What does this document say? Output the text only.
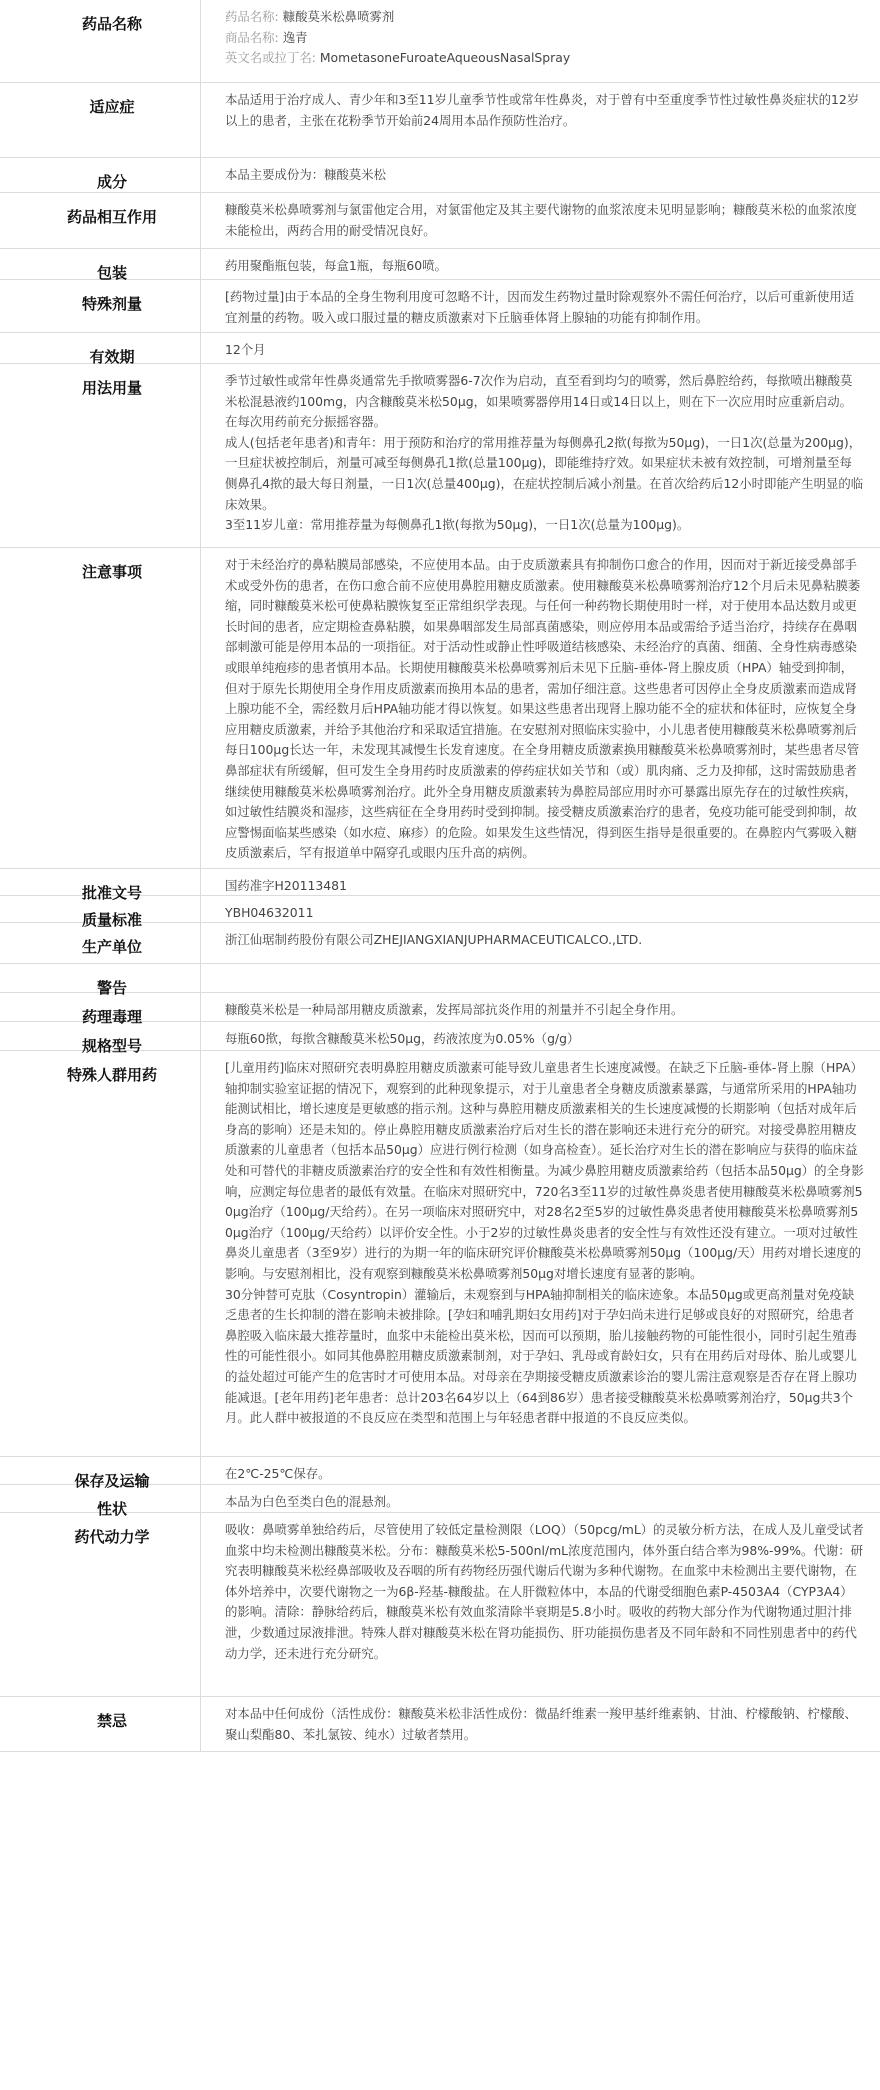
药品名称	药品名称: 糠酸莫米松鼻喷雾剂

商品名称: 逸青

英文名或拉丁名: MometasoneFuroateAqueousNasalSpray

适应症	本品适用于治疗成人、青少年和3至11岁儿童季节性或常年性鼻炎，对于曾有中至重度季节性过敏性鼻炎症状的12岁以上的患者，主张在花粉季节开始前24周用本品作预防性治疗。

成分	本品主要成份为：糠酸莫米松

药品相互作用	糠酸莫米松鼻喷雾剂与氯雷他定合用，对氯雷他定及其主要代谢物的血浆浓度未见明显影响；糠酸莫米松的血浆浓度未能检出，两药合用的耐受情况良好。

包装	药用聚酯瓶包装，每盒1瓶，每瓶60喷。

特殊剂量	[药物过量]由于本品的全身生物利用度可忽略不计，因而发生药物过量时除观察外不需任何治疗，以后可重新使用适宜剂量的药物。吸入或口服过量的糖皮质激素对下丘脑垂体肾上腺轴的功能有抑制作用。

有效期	12个月

用法用量	季节过敏性或常年性鼻炎通常先手揿喷雾器6-7次作为启动，直至看到均匀的喷雾，然后鼻腔给药，每揿喷出糠酸莫米松混悬液约100mg，内含糠酸莫米松50μg，如果喷雾器停用14日或14日以上，则在下一次应用时应重新启动。在每次用药前充分振摇容器。

成人(包括老年患者)和青年：用于预防和治疗的常用推荐量为每侧鼻孔2揿(每揿为50μg)，一日1次(总量为200μg)，一旦症状被控制后，剂量可减至每侧鼻孔1揿(总量100μg)，即能维持疗效。如果症状未被有效控制，可增剂量至每侧鼻孔4揿的最大每日剂量，一日1次(总量400μg)，在症状控制后减小剂量。在首次给药后12小时即能产生明显的临床效果。

3至11岁儿童：常用推荐量为每侧鼻孔1揿(每揿为50μg)，一日1次(总量为100μg)。

注意事项	对于未经治疗的鼻粘膜局部感染，不应使用本品。由于皮质激素具有抑制伤口愈合的作用，因而对于新近接受鼻部手术或受外伤的患者，在伤口愈合前不应使用鼻腔用糖皮质激素。使用糠酸莫米松鼻喷雾剂治疗12个月后未见鼻粘膜萎缩，同时糠酸莫米松可使鼻粘膜恢复至正常组织学表现。与任何一种药物长期使用时一样，对于使用本品达数月或更长时间的患者，应定期检查鼻粘膜，如果鼻咽部发生局部真菌感染，则应停用本品或需给予适当治疗，持续存在鼻咽部刺激可能是停用本品的一项指征。对于活动性或静止性呼吸道结核感染、未经治疗的真菌、细菌、全身性病毒感染或眼单纯疱疹的患者慎用本品。长期使用糠酸莫米松鼻喷雾剂后未见下丘脑-垂体-肾上腺皮质（HPA）轴受到抑制，但对于原先长期使用全身作用皮质激素而换用本品的患者，需加仔细注意。这些患者可因停止全身皮质激素而造成肾上腺功能不全，需经数月后HPA轴功能才得以恢复。如果这些患者出现肾上腺功能不全的症状和体征时，应恢复全身应用糖皮质激素，并给予其他治疗和采取适宜措施。在安慰剂对照临床实验中，小儿患者使用糠酸莫米松鼻喷雾剂后每日100μg长达一年，未发现其减慢生长发育速度。在全身用糖皮质激素换用糠酸莫米松鼻喷雾剂时，某些患者尽管鼻部症状有所缓解，但可发生全身用药时皮质激素的停药症状如关节和（或）肌肉痛、乏力及抑郁，这时需鼓励患者继续使用糠酸莫米松鼻喷雾剂治疗。此外全身用糖皮质激素转为鼻腔局部应用时亦可暴露出原先存在的过敏性疾病，如过敏性结膜炎和湿疹，这些病征在全身用药时受到抑制。接受糖皮质激素治疗的患者，免疫功能可能受到抑制，故应警惕面临某些感染（如水痘、麻疹）的危险。如果发生这些情况，得到医生指导是很重要的。在鼻腔内气雾吸入糖皮质激素后，罕有报道单中隔穿孔或眼内压升高的病例。

批准文号	国药准字H20113481

质量标准	YBH04632011

生产单位	浙江仙琚制药股份有限公司ZHEJIANGXIANJUPHARMACEUTICALCO.,LTD.

警告

药理毒理	糠酸莫米松是一种局部用糖皮质激素，发挥局部抗炎作用的剂量并不引起全身作用。

规格型号	每瓶60揿，每揿含糠酸莫米松50μg，药液浓度为0.05%（g/g）

特殊人群用药	[儿童用药]临床对照研究表明鼻腔用糖皮质激素可能导致儿童患者生长速度减慢。在缺乏下丘脑-垂体-肾上腺（HPA）轴抑制实验室证据的情况下，观察到的此种现象提示，对于儿童患者全身糖皮质激素暴露，与通常所采用的HPA轴功能测试相比，增长速度是更敏感的指示剂。这种与鼻腔用糖皮质激素相关的生长速度减慢的长期影响（包括对成年后身高的影响）还是未知的。停止鼻腔用糖皮质激素治疗后对生长的潜在影响还未进行充分的研究。对接受鼻腔用糖皮质激素的儿童患者（包括本品50μg）应进行例行检测（如身高检查）。延长治疗对生长的潜在影响应与获得的临床益处和可替代的非糖皮质激素治疗的安全性和有效性相衡量。为减少鼻腔用糖皮质激素给药（包括本品50μg）的全身影响，应测定每位患者的最低有效量。在临床对照研究中，720名3至11岁的过敏性鼻炎患者使用糠酸莫米松鼻喷雾剂50μg治疗（100μg/天给药）。在另一项临床对照研究中，对28名2至5岁的过敏性鼻炎患者使用糠酸莫米松鼻喷雾剂50μg治疗（100μg/天给药）以评价安全性。小于2岁的过敏性鼻炎患者的安全性与有效性还没有建立。一项对过敏性鼻炎儿童患者（3至9岁）进行的为期一年的临床研究评价糠酸莫米松鼻喷雾剂50μg（100μg/天）用药对增长速度的影响。与安慰剂相比，没有观察到糠酸莫米松鼻喷雾剂50μg对增长速度有显著的影响。

30分钟替可克肽（Cosyntropin）灌输后，未观察到与HPA轴抑制相关的临床迹象。本品50μg或更高剂量对免疫缺乏患者的生长抑制的潜在影响未被排除。[孕妇和哺乳期妇女用药]对于孕妇尚未进行足够或良好的对照研究，给患者鼻腔吸入临床最大推荐量时，血浆中未能检出莫米松，因而可以预期，胎儿接触药物的可能性很小，同时引起生殖毒性的可能性很小。如同其他鼻腔用糖皮质激素制剂，对于孕妇、乳母或育龄妇女，只有在用药后对母体、胎儿或婴儿的益处超过可能产生的危害时才可使用本品。对母亲在孕期接受糖皮质激素诊治的婴儿需注意观察是否存在肾上腺功能减退。[老年用药]老年患者：总计203名64岁以上（64到86岁）患者接受糠酸莫米松鼻喷雾剂治疗，50μg共3个月。此人群中被报道的不良反应在类型和范围上与年轻患者群中报道的不良反应类似。

保存及运输	在2℃-25℃保存。

性状	本品为白色至类白色的混悬剂。

药代动力学	吸收：鼻喷雾单独给药后，尽管使用了较低定量检测限（LOQ）（50pcg/mL）的灵敏分析方法，在成人及儿童受试者血浆中均未检测出糠酸莫米松。分布：糠酸莫米松5-500nl/mL浓度范围内，体外蛋白结合率为98%-99%。代谢：研究表明糠酸莫米松经鼻部吸收及吞咽的所有药物经历强代谢后代谢为多种代谢物。在血浆中未检测出主要代谢物，在体外培养中，次要代谢物之一为6β-羟基-糠酸盐。在人肝微粒体中，本品的代谢受细胞色素P-4503A4（CYP3A4）的影响。清除：静脉给药后，糠酸莫米松有效血浆清除半衰期是5.8小时。吸收的药物大部分作为代谢物通过胆汁排泄，少数通过尿液排泄。特殊人群对糠酸莫米松在肾功能损伤、肝功能损伤患者及不同年龄和不同性别患者中的药代动力学，还未进行充分研究。

禁忌	对本品中任何成份（活性成份：糠酸莫米松非活性成份：微晶纤维素一羧甲基纤维素钠、甘油、柠檬酸钠、柠檬酸、聚山梨酯80、苯扎氯铵、纯水）过敏者禁用。
